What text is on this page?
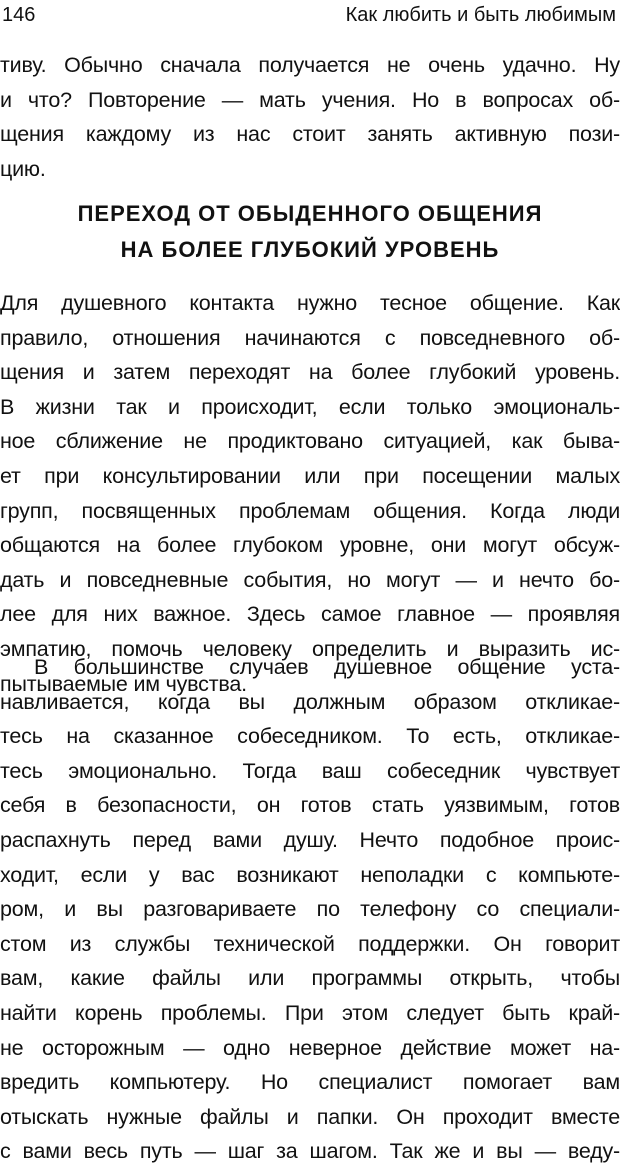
146	Как любить и быть любимым
тиву. Обычно сначала получается не очень удачно. Ну
и что? Повторение — мать учения. Но в вопросах об-
щения каждому из нас стоит занять активную пози-
цию.
ПЕРЕХОД ОТ ОБЫДЕННОГО ОБЩЕНИЯ
НА БОЛЕЕ ГЛУБОКИЙ УРОВЕНЬ
Для душевного контакта нужно тесное общение. Как
правило, отношения начинаются с повседневного об-
щения и затем переходят на более глубокий уровень.
В жизни так и происходит, если только эмоциональ-
ное сближение не продиктовано ситуацией, как быва-
ет при консультировании или при посещении малых
групп, посвященных проблемам общения. Когда люди
общаются на более глубоком уровне, они могут обсуж-
дать и повседневные события, но могут — и нечто бо-
лее для них важное. Здесь самое главное — проявляя
эмпатию, помочь человеку определить и выразить ис-
пытываемые им чувства.
В большинстве случаев душевное общение уста-
навливается, когда вы должным образом откликае-
тесь на сказанное собеседником. То есть, откликае-
тесь эмоционально. Тогда ваш собеседник чувствует
себя в безопасности, он готов стать уязвимым, готов
распахнуть перед вами душу. Нечто подобное проис-
ходит, если у вас возникают неполадки с компьюте-
ром, и вы разговариваете по телефону со специали-
стом из службы технической поддержки. Он говорит
вам, какие файлы или программы открыть, чтобы
найти корень проблемы. При этом следует быть край-
не осторожным — одно неверное действие может на-
вредить компьютеру. Но специалист помогает вам
отыскать нужные файлы и папки. Он проходит вместе
с вами весь путь — шаг за шагом. Так же и вы — веду-
